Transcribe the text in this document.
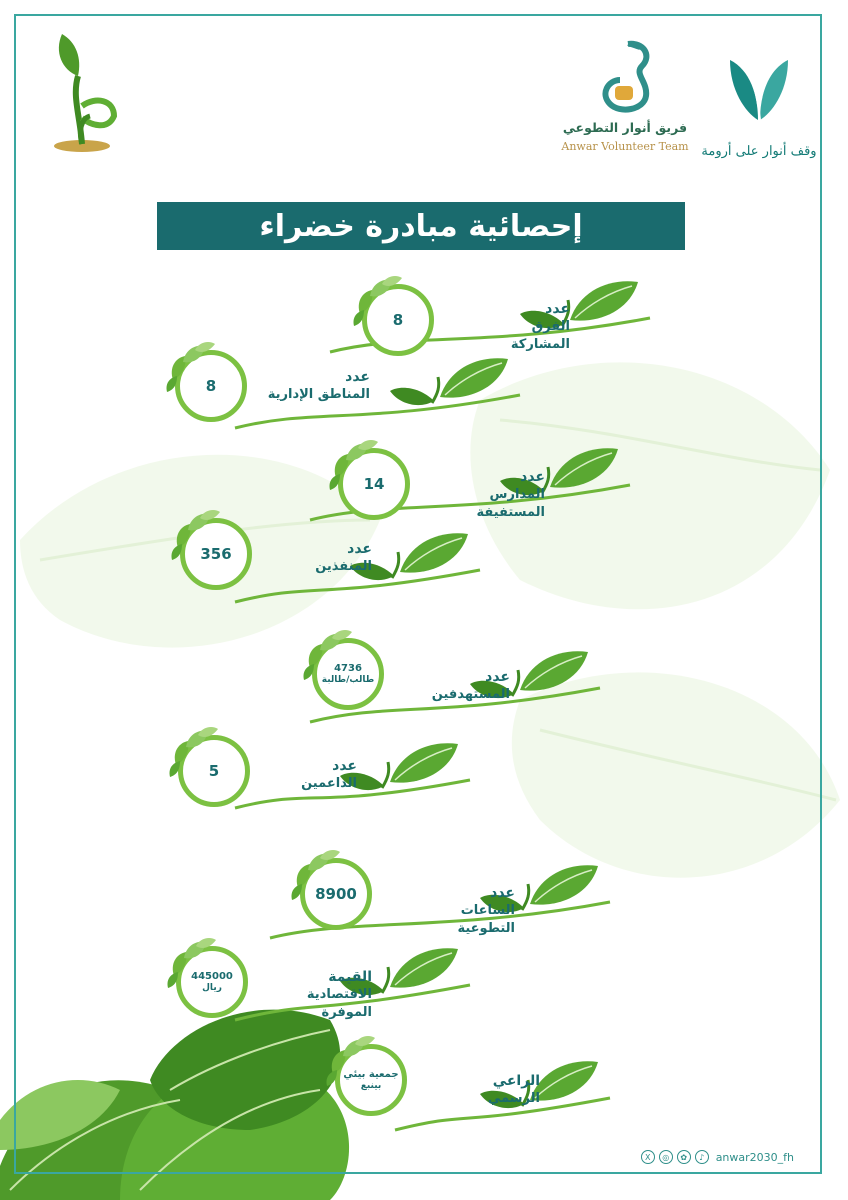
وقف أنوار على أرومة
فريق أنوار التطوعي
Anwar Volunteer Team
إحصائية مبادرة خضراء
8
عدد
الفرق المشاركة
8	عدد
المناطق الإدارية
14	عدد
المدارس المستفيفة
356	عدد
المنفذين
4736
طالب/طالبة	عدد
المستهدفين
5	عدد
الداعمين
8900	عدد
الساعات التطوعية
445000
ريال
القيمة
الاقتصادية الموفرة
جمعية بيئي
بينبع	الراعي
الرسمي
X	◎	✿	♪	anwar2030_fh
